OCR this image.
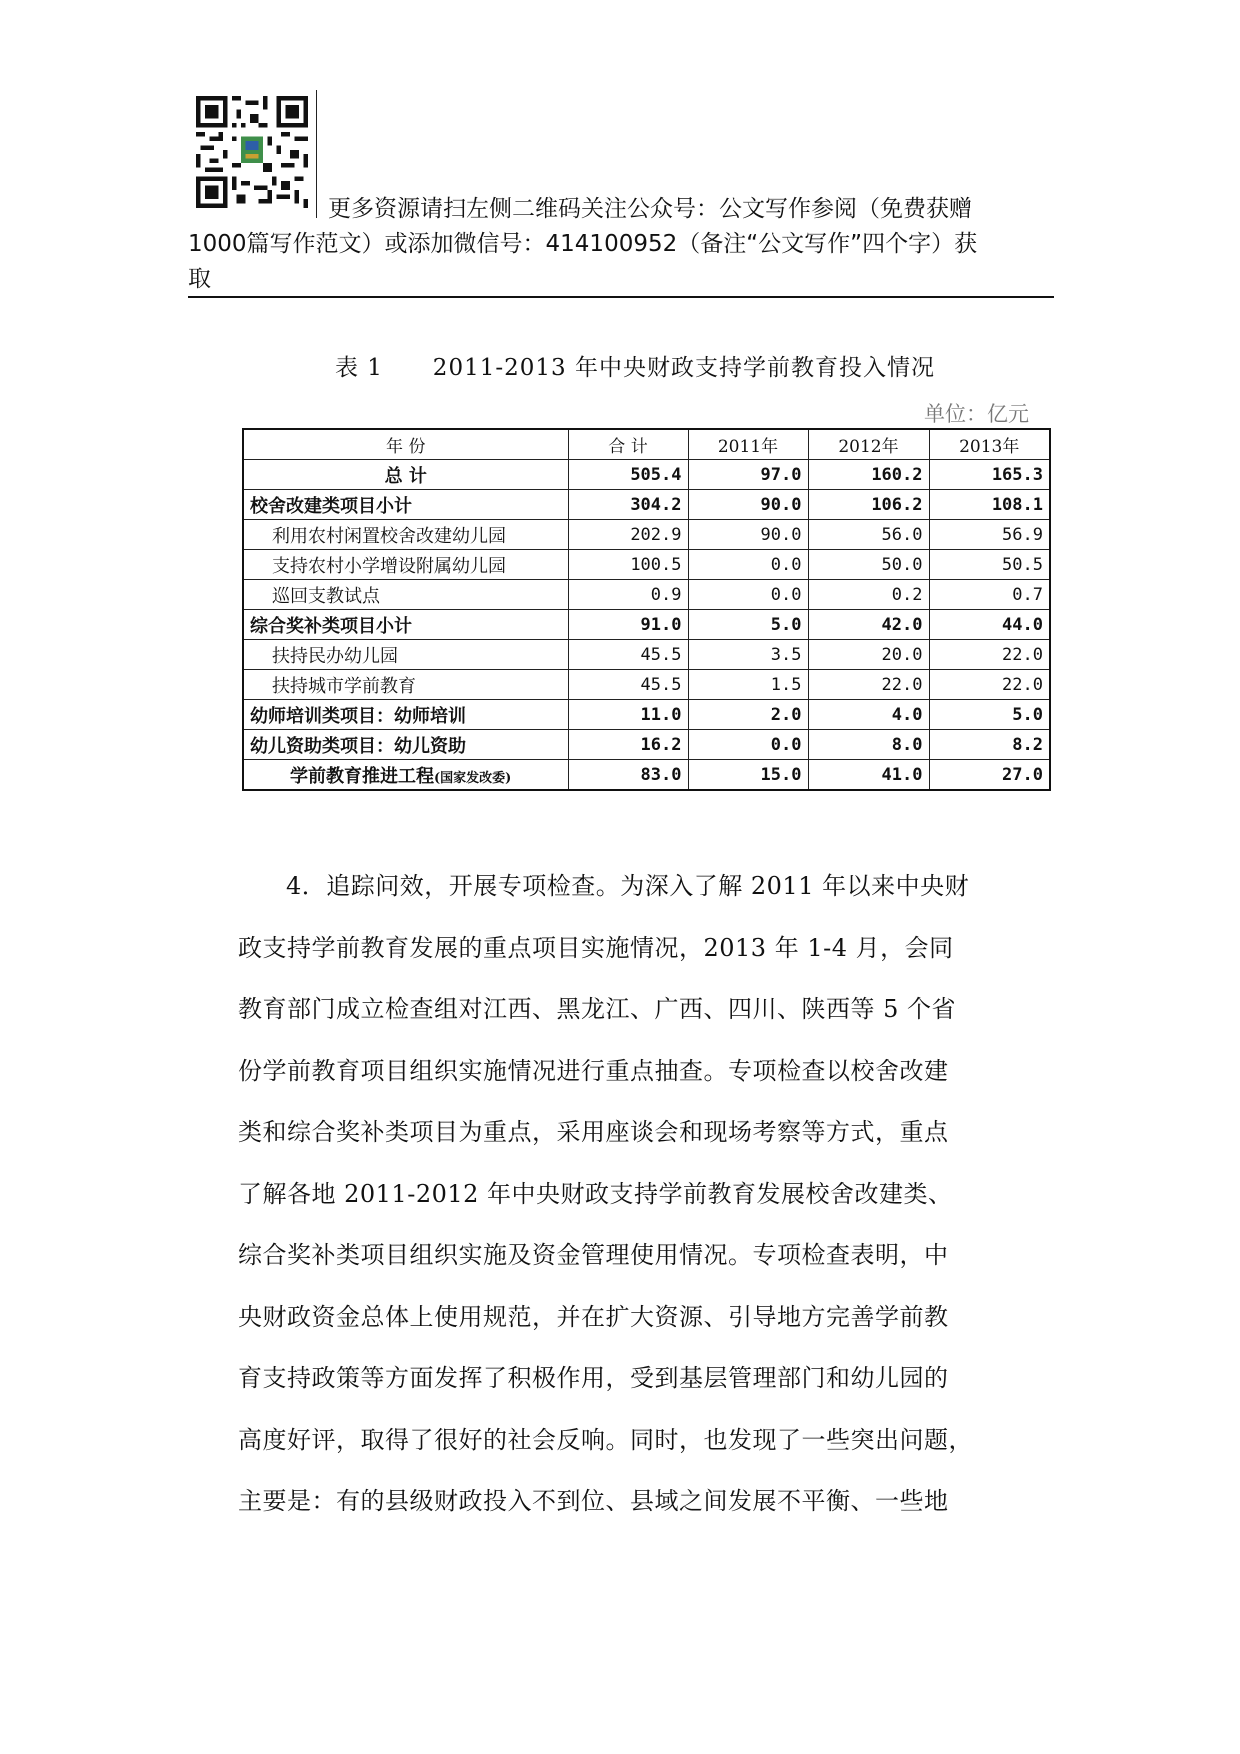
更多资源请扫左侧二维码关注公众号：公文写作参阅（免费获赠
1000篇写作范文）或添加微信号：414100952（备注“公文写作”四个字）获
取
表 1      2011-2013 年中央财政支持学前教育投入情况
单位：亿元
年 份	合 计	2011年	2012年	2013年
总 计	505.4	97.0	160.2	165.3
校舍改建类项目小计	304.2	90.0	106.2	108.1
利用农村闲置校舍改建幼儿园	202.9	90.0	56.0	56.9
支持农村小学增设附属幼儿园	100.5	0.0	50.0	50.5
巡回支教试点	0.9	0.0	0.2	0.7
综合奖补类项目小计	91.0	5.0	42.0	44.0
扶持民办幼儿园	45.5	3.5	20.0	22.0
扶持城市学前教育	45.5	1.5	22.0	22.0
幼师培训类项目：幼师培训	11.0	2.0	4.0	5.0
幼儿资助类项目：幼儿资助	16.2	0.0	8.0	8.2
学前教育推进工程(国家发改委)	83.0	15.0	41.0	27.0

4．追踪问效，开展专项检查。为深入了解 2011 年以来中央财

政支持学前教育发展的重点项目实施情况，2013 年 1-4 月，会同

教育部门成立检查组对江西、黑龙江、广西、四川、陕西等 5 个省

份学前教育项目组织实施情况进行重点抽查。专项检查以校舍改建

类和综合奖补类项目为重点，采用座谈会和现场考察等方式，重点

了解各地 2011-2012 年中央财政支持学前教育发展校舍改建类、

综合奖补类项目组织实施及资金管理使用情况。专项检查表明，中

央财政资金总体上使用规范，并在扩大资源、引导地方完善学前教

育支持政策等方面发挥了积极作用，受到基层管理部门和幼儿园的

高度好评，取得了很好的社会反响。同时，也发现了一些突出问题，

主要是：有的县级财政投入不到位、县域之间发展不平衡、一些地
